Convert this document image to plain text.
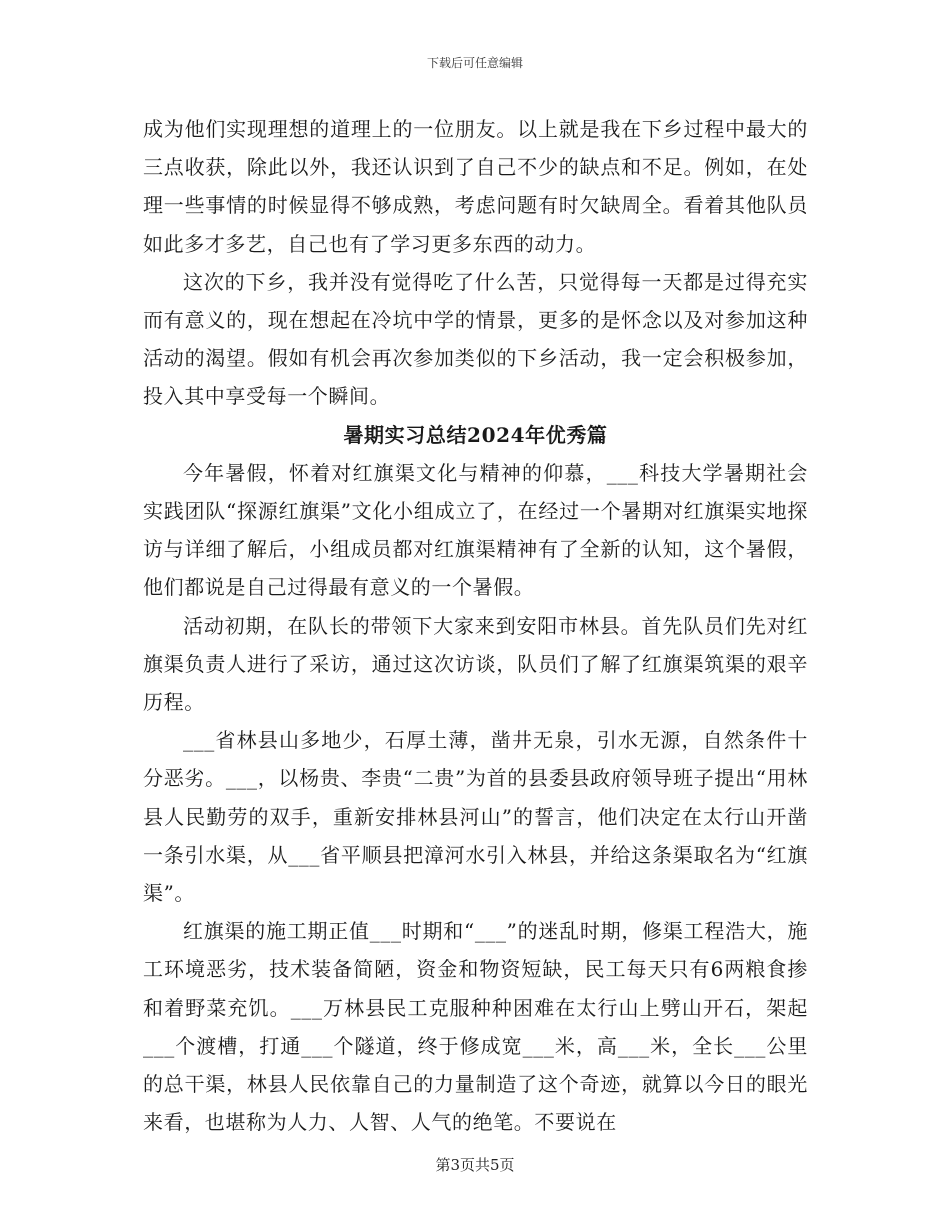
下载后可任意编辑

成为他们实现理想的道理上的一位朋友。以上就是我在下乡过程中最大的三点收获，除此以外，我还认识到了自己不少的缺点和不足。例如，在处理一些事情的时候显得不够成熟，考虑问题有时欠缺周全。看着其他队员如此多才多艺，自己也有了学习更多东西的动力。

这次的下乡，我并没有觉得吃了什么苦，只觉得每一天都是过得充实而有意义的，现在想起在冷坑中学的情景，更多的是怀念以及对参加这种活动的渴望。假如有机会再次参加类似的下乡活动，我一定会积极参加，投入其中享受每一个瞬间。

暑期实习总结2024年优秀篇

今年暑假，怀着对红旗渠文化与精神的仰慕，___科技大学暑期社会实践团队“探源红旗渠”文化小组成立了，在经过一个暑期对红旗渠实地探访与详细了解后，小组成员都对红旗渠精神有了全新的认知，这个暑假，他们都说是自己过得最有意义的一个暑假。

活动初期，在队长的带领下大家来到安阳市林县。首先队员们先对红旗渠负责人进行了采访，通过这次访谈，队员们了解了红旗渠筑渠的艰辛历程。

___省林县山多地少，石厚土薄，凿井无泉，引水无源，自然条件十分恶劣。___，以杨贵、李贵“二贵”为首的县委县政府领导班子提出“用林县人民勤劳的双手，重新安排林县河山”的誓言，他们决定在太行山开凿一条引水渠，从___省平顺县把漳河水引入林县，并给这条渠取名为“红旗渠”。

红旗渠的施工期正值___时期和“___”的迷乱时期，修渠工程浩大，施工环境恶劣，技术装备简陋，资金和物资短缺，民工每天只有6两粮食掺和着野菜充饥。___万林县民工克服种种困难在太行山上劈山开石，架起___个渡槽，打通___个隧道，终于修成宽___米，高___米，全长___公里的总干渠，林县人民依靠自己的力量制造了这个奇迹，就算以今日的眼光来看，也堪称为人力、人智、人气的绝笔。不要说在

第3页共5页
